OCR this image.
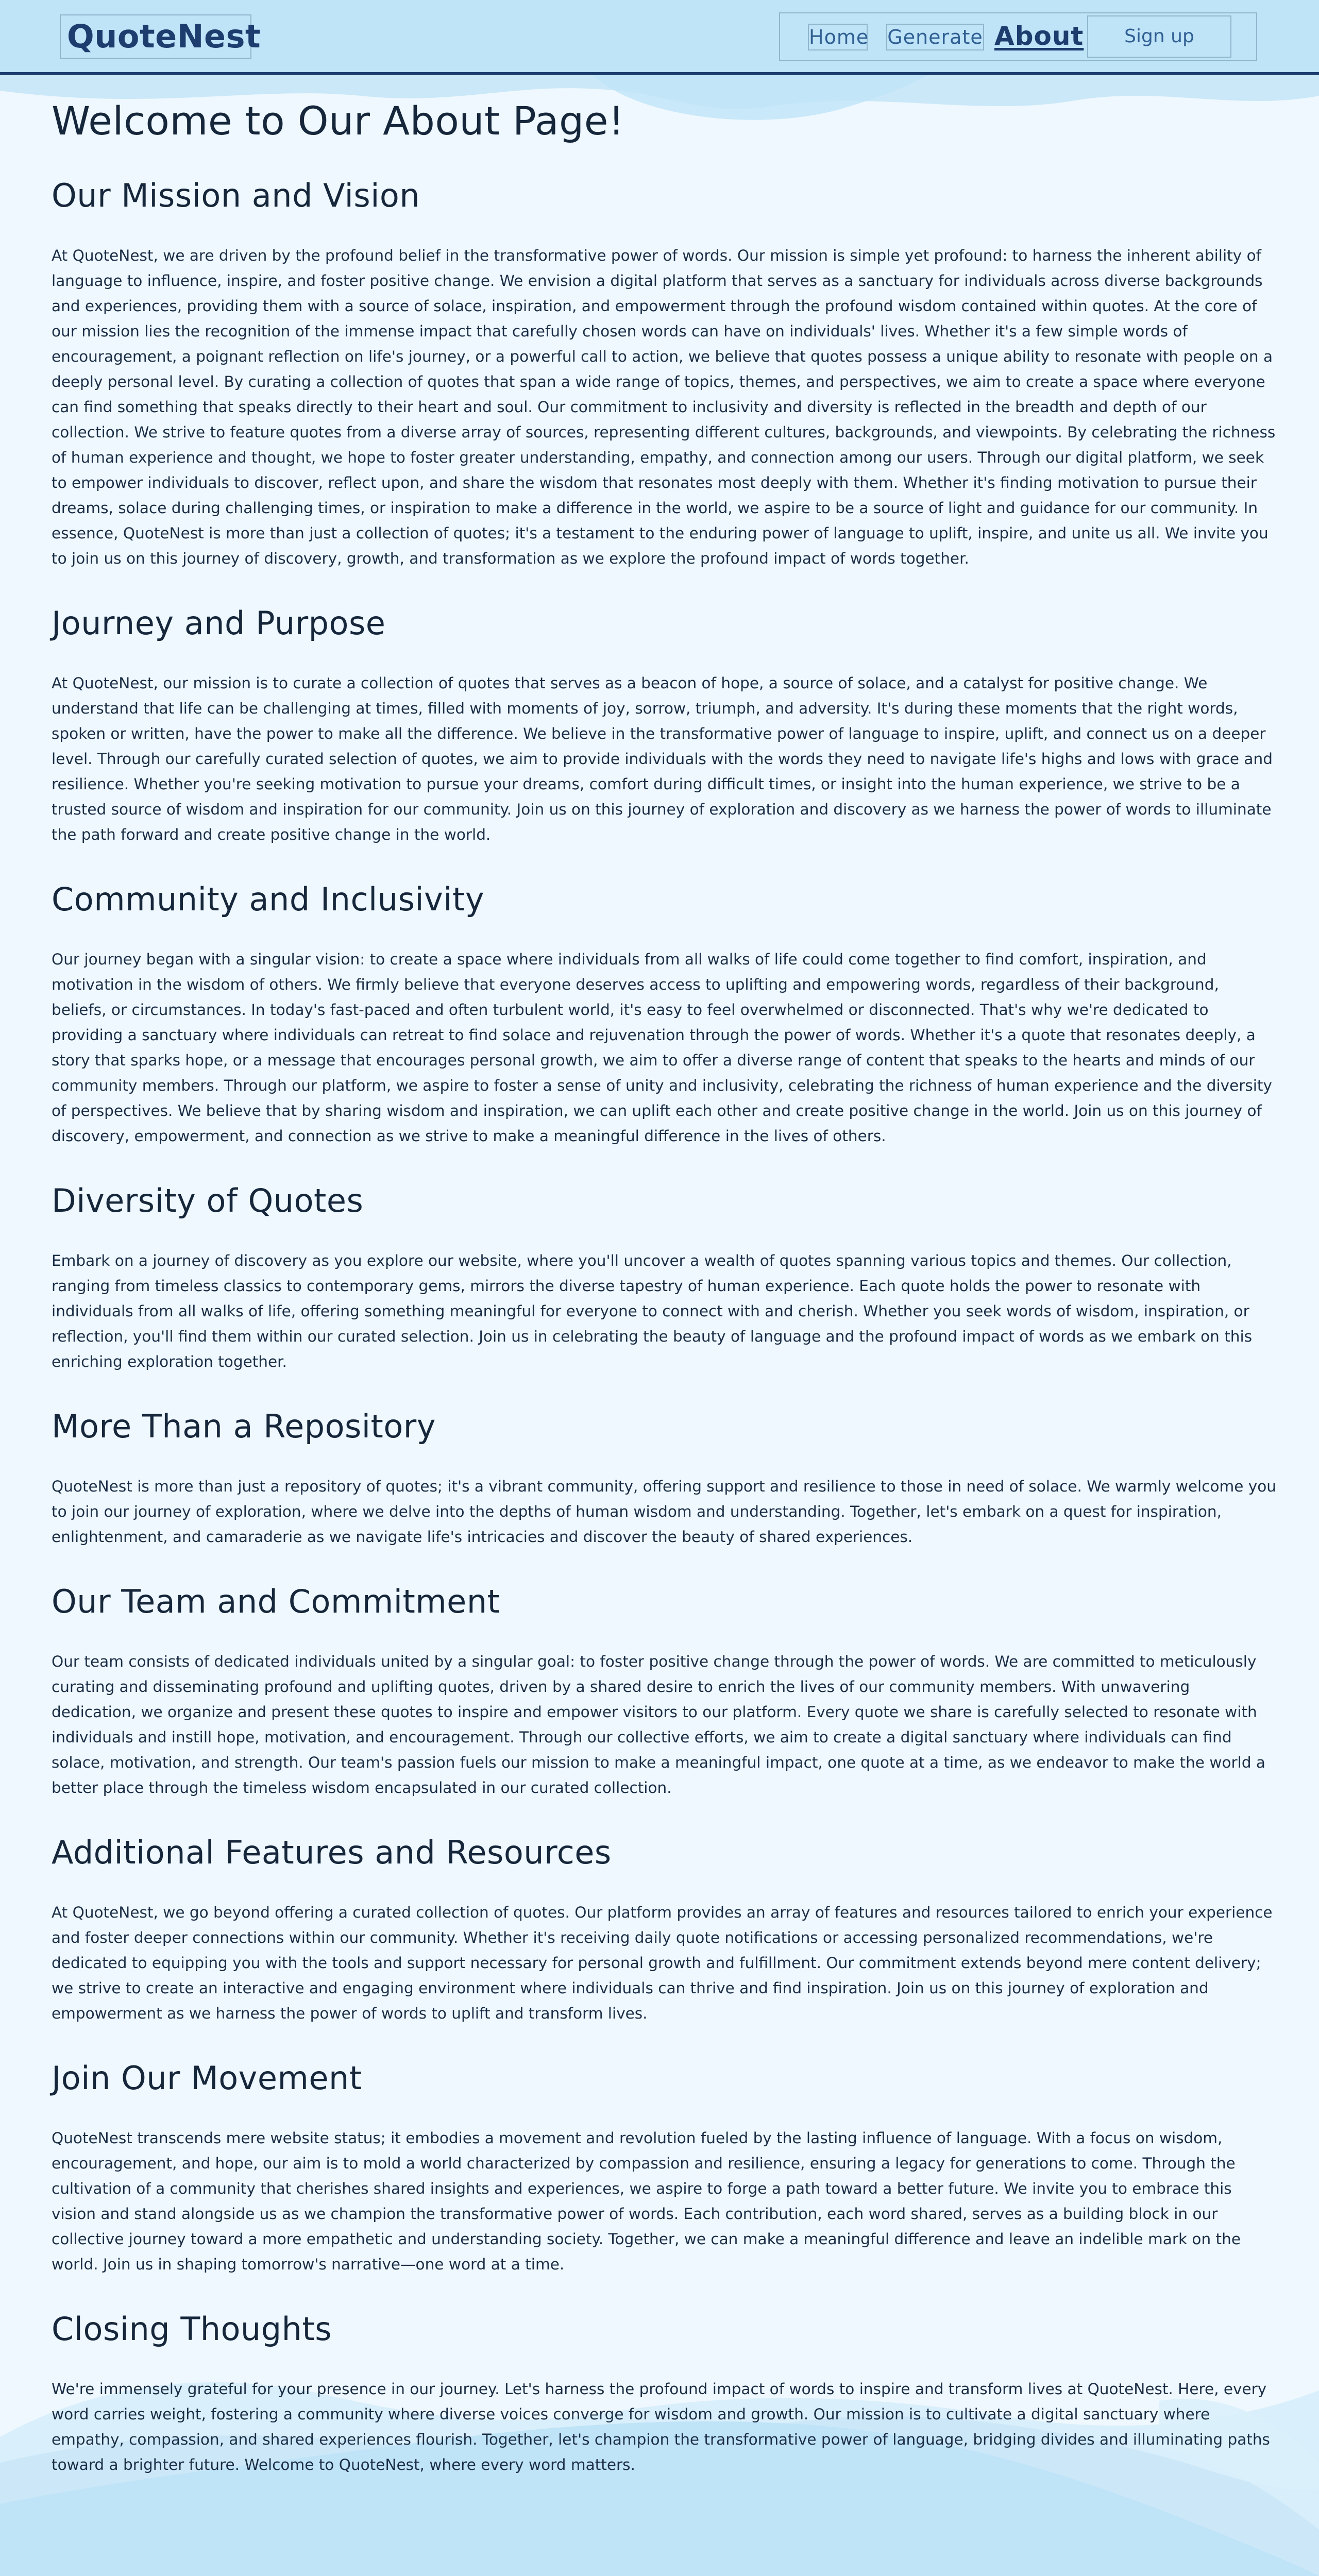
QuoteNest	Home Generate About	Sign up
Welcome to Our About Page!
Our Mission and Vision

At QuoteNest, we are driven by the profound belief in the transformative power of words. Our mission is simple yet profound: to harness the inherent ability of language to influence, inspire, and foster positive change. We envision a digital platform that serves as a sanctuary for individuals across diverse backgrounds and experiences, providing them with a source of solace, inspiration, and empowerment through the profound wisdom contained within quotes. At the core of our mission lies the recognition of the immense impact that carefully chosen words can have on individuals' lives. Whether it's a few simple words of encouragement, a poignant reflection on life's journey, or a powerful call to action, we believe that quotes possess a unique ability to resonate with people on a deeply personal level. By curating a collection of quotes that span a wide range of topics, themes, and perspectives, we aim to create a space where everyone can find something that speaks directly to their heart and soul. Our commitment to inclusivity and diversity is reflected in the breadth and depth of our collection. We strive to feature quotes from a diverse array of sources, representing different cultures, backgrounds, and viewpoints. By celebrating the richness of human experience and thought, we hope to foster greater understanding, empathy, and connection among our users. Through our digital platform, we seek to empower individuals to discover, reflect upon, and share the wisdom that resonates most deeply with them. Whether it's finding motivation to pursue their dreams, solace during challenging times, or inspiration to make a difference in the world, we aspire to be a source of light and guidance for our community. In essence, QuoteNest is more than just a collection of quotes; it's a testament to the enduring power of language to uplift, inspire, and unite us all. We invite you to join us on this journey of discovery, growth, and transformation as we explore the profound impact of words together.

Journey and Purpose

At QuoteNest, our mission is to curate a collection of quotes that serves as a beacon of hope, a source of solace, and a catalyst for positive change. We understand that life can be challenging at times, filled with moments of joy, sorrow, triumph, and adversity. It's during these moments that the right words, spoken or written, have the power to make all the difference. We believe in the transformative power of language to inspire, uplift, and connect us on a deeper level. Through our carefully curated selection of quotes, we aim to provide individuals with the words they need to navigate life's highs and lows with grace and resilience. Whether you're seeking motivation to pursue your dreams, comfort during difficult times, or insight into the human experience, we strive to be a trusted source of wisdom and inspiration for our community. Join us on this journey of exploration and discovery as we harness the power of words to illuminate the path forward and create positive change in the world.

Community and Inclusivity

Our journey began with a singular vision: to create a space where individuals from all walks of life could come together to find comfort, inspiration, and motivation in the wisdom of others. We firmly believe that everyone deserves access to uplifting and empowering words, regardless of their background, beliefs, or circumstances. In today's fast-paced and often turbulent world, it's easy to feel overwhelmed or disconnected. That's why we're dedicated to providing a sanctuary where individuals can retreat to find solace and rejuvenation through the power of words. Whether it's a quote that resonates deeply, a story that sparks hope, or a message that encourages personal growth, we aim to offer a diverse range of content that speaks to the hearts and minds of our community members. Through our platform, we aspire to foster a sense of unity and inclusivity, celebrating the richness of human experience and the diversity of perspectives. We believe that by sharing wisdom and inspiration, we can uplift each other and create positive change in the world. Join us on this journey of discovery, empowerment, and connection as we strive to make a meaningful difference in the lives of others.

Diversity of Quotes

Embark on a journey of discovery as you explore our website, where you'll uncover a wealth of quotes spanning various topics and themes. Our collection, ranging from timeless classics to contemporary gems, mirrors the diverse tapestry of human experience. Each quote holds the power to resonate with individuals from all walks of life, offering something meaningful for everyone to connect with and cherish. Whether you seek words of wisdom, inspiration, or reflection, you'll find them within our curated selection. Join us in celebrating the beauty of language and the profound impact of words as we embark on this enriching exploration together.

More Than a Repository

QuoteNest is more than just a repository of quotes; it's a vibrant community, offering support and resilience to those in need of solace. We warmly welcome you to join our journey of exploration, where we delve into the depths of human wisdom and understanding. Together, let's embark on a quest for inspiration, enlightenment, and camaraderie as we navigate life's intricacies and discover the beauty of shared experiences.

Our Team and Commitment

Our team consists of dedicated individuals united by a singular goal: to foster positive change through the power of words. We are committed to meticulously curating and disseminating profound and uplifting quotes, driven by a shared desire to enrich the lives of our community members. With unwavering dedication, we organize and present these quotes to inspire and empower visitors to our platform. Every quote we share is carefully selected to resonate with individuals and instill hope, motivation, and encouragement. Through our collective efforts, we aim to create a digital sanctuary where individuals can find solace, motivation, and strength. Our team's passion fuels our mission to make a meaningful impact, one quote at a time, as we endeavor to make the world a better place through the timeless wisdom encapsulated in our curated collection.

Additional Features and Resources

At QuoteNest, we go beyond offering a curated collection of quotes. Our platform provides an array of features and resources tailored to enrich your experience and foster deeper connections within our community. Whether it's receiving daily quote notifications or accessing personalized recommendations, we're dedicated to equipping you with the tools and support necessary for personal growth and fulfillment. Our commitment extends beyond mere content delivery; we strive to create an interactive and engaging environment where individuals can thrive and find inspiration. Join us on this journey of exploration and empowerment as we harness the power of words to uplift and transform lives.

Join Our Movement

QuoteNest transcends mere website status; it embodies a movement and revolution fueled by the lasting influence of language. With a focus on wisdom, encouragement, and hope, our aim is to mold a world characterized by compassion and resilience, ensuring a legacy for generations to come. Through the cultivation of a community that cherishes shared insights and experiences, we aspire to forge a path toward a better future. We invite you to embrace this vision and stand alongside us as we champion the transformative power of words. Each contribution, each word shared, serves as a building block in our collective journey toward a more empathetic and understanding society. Together, we can make a meaningful difference and leave an indelible mark on the world. Join us in shaping tomorrow's narrative—one word at a time.

Closing Thoughts

We're immensely grateful for your presence in our journey. Let's harness the profound impact of words to inspire and transform lives at QuoteNest. Here, every word carries weight, fostering a community where diverse voices converge for wisdom and growth. Our mission is to cultivate a digital sanctuary where empathy, compassion, and shared experiences flourish. Together, let's champion the transformative power of language, bridging divides and illuminating paths toward a brighter future. Welcome to QuoteNest, where every word matters.
